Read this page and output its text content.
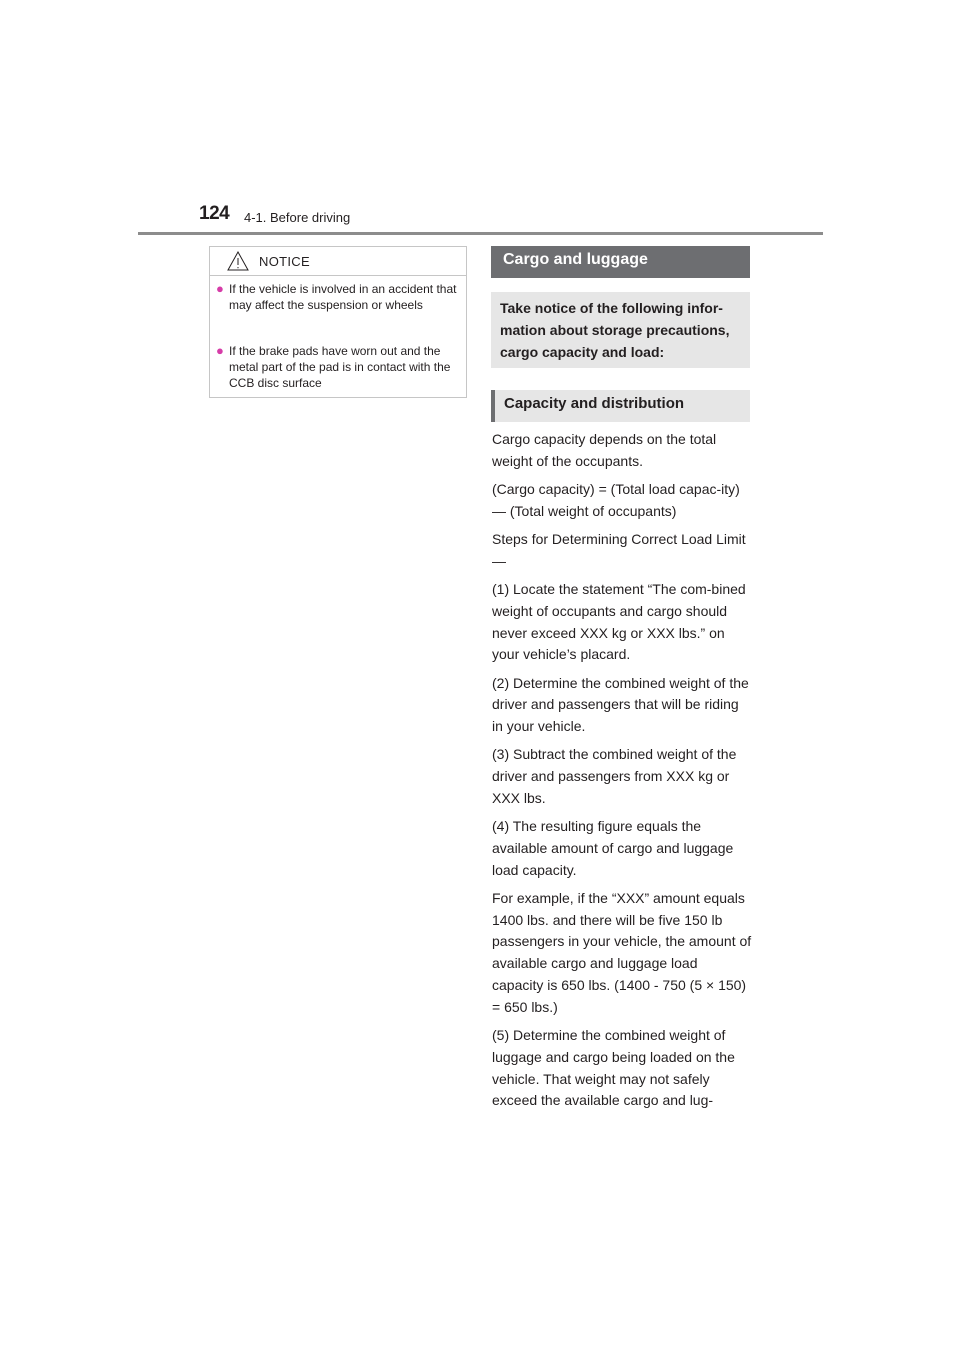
124 4-1. Before driving
NOTICE
● If the vehicle is involved in an accident that may affect the suspension or wheels
● If the brake pads have worn out and the metal part of the pad is in contact with the CCB disc surface
Cargo and luggage
Take notice of the following infor-mation about storage precautions, cargo capacity and load:
Capacity and distribution

Cargo capacity depends on the total weight of the occupants.

(Cargo capacity) = (Total load capac-ity) — (Total weight of occupants)

Steps for Determining Correct Load Limit —

(1) Locate the statement “The com-bined weight of occupants and cargo should never exceed XXX kg or XXX lbs.” on your vehicle’s placard.

(2) Determine the combined weight of the driver and passengers that will be riding in your vehicle.

(3) Subtract the combined weight of the driver and passengers from XXX kg or XXX lbs.

(4) The resulting figure equals the available amount of cargo and luggage load capacity.

For example, if the “XXX” amount equals 1400 lbs. and there will be five 150 lb passengers in your vehicle, the amount of available cargo and luggage load capacity is 650 lbs. (1400 - 750 (5 × 150) = 650 lbs.)

(5) Determine the combined weight of luggage and cargo being loaded on the vehicle. That weight may not safely exceed the available cargo and lug-
